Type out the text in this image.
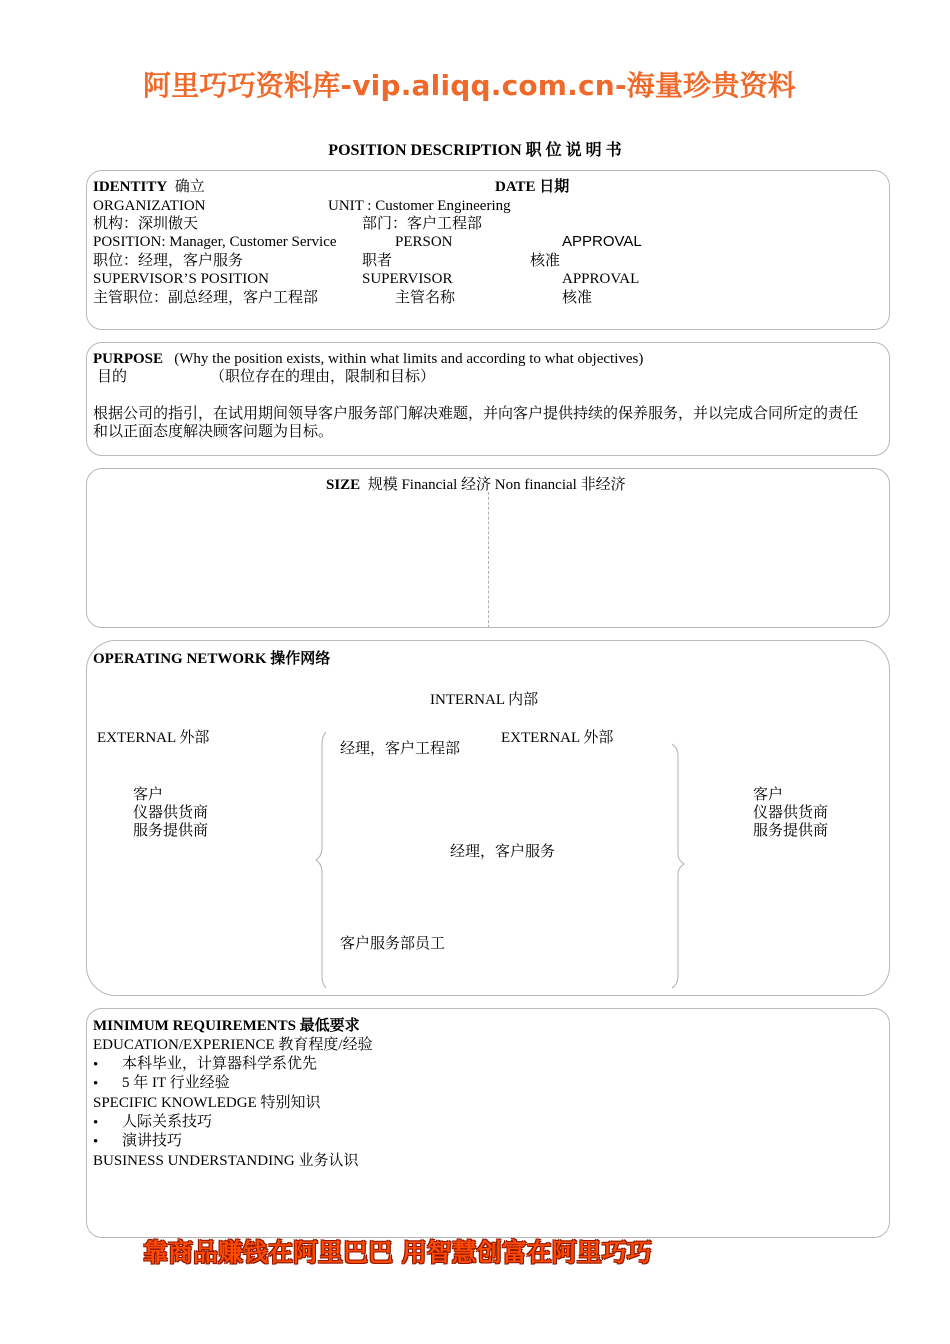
阿里巧巧资料库-vip.aliqq.com.cn-海量珍贵资料
POSITION DESCRIPTION 职 位 说 明 书
IDENTITY 确立	DATE 日期
ORGANIZATION	UNIT : Customer Engineering
机构：深圳傲天	部门：客户工程部
POSITION: Manager, Customer Service	PERSON	APPROVAL
职位：经理，客户服务	职者	核准
SUPERVISOR’S POSITION	SUPERVISOR	APPROVAL
主管职位：副总经理，客户工程部	主管名称	核准
PURPOSE (Why the position exists, within what limits and according to what objectives)
目的	（职位存在的理由，限制和目标）
根据公司的指引，在试用期间领导客户服务部门解决难题，并向客户提供持续的保养服务，并以完成合同所定的责任
和以正面态度解决顾客问题为目标。
SIZE 规模 Financial 经济 Non financial 非经济
OPERATING NETWORK 操作网络
INTERNAL 内部
EXTERNAL 外部	EXTERNAL 外部
客户
仪器供货商
服务提供商
客户
仪器供货商
服务提供商
经理，客户工程部
经理，客户服务
客户服务部员工
MINIMUM REQUIREMENTS 最低要求
EDUCATION/EXPERIENCE 教育程度/经验
• 本科毕业，计算器科学系优先
• 5 年 IT 行业经验
SPECIFIC KNOWLEDGE 特别知识
• 人际关系技巧
• 演讲技巧
BUSINESS UNDERSTANDING 业务认识
靠商品赚钱在阿里巴巴 用智慧创富在阿里巧巧
